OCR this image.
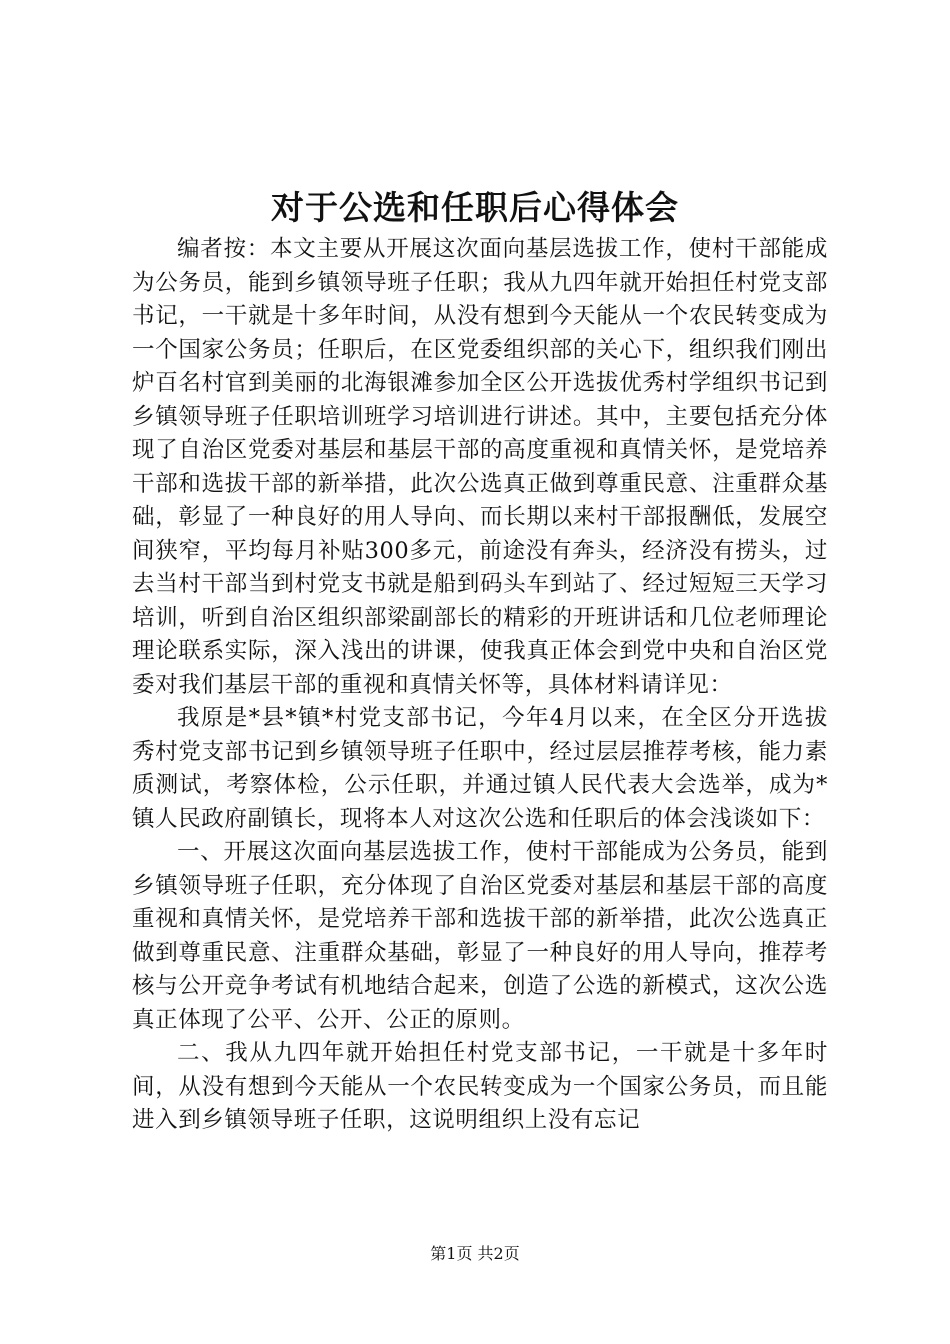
对于公选和任职后心得体会

编者按：本文主要从开展这次面向基层选拔工作，使村干部能成为公务员，能到乡镇领导班子任职；我从九四年就开始担任村党支部书记，一干就是十多年时间，从没有想到今天能从一个农民转变成为一个国家公务员；任职后，在区党委组织部的关心下，组织我们刚出炉百名村官到美丽的北海银滩参加全区公开选拔优秀村学组织书记到乡镇领导班子任职培训班学习培训进行讲述。其中，主要包括充分体现了自治区党委对基层和基层干部的高度重视和真情关怀，是党培养干部和选拔干部的新举措，此次公选真正做到尊重民意、注重群众基础，彰显了一种良好的用人导向、而长期以来村干部报酬低，发展空间狭窄，平均每月补贴300多元，前途没有奔头，经济没有捞头，过去当村干部当到村党支书就是船到码头车到站了、经过短短三天学习培训，听到自治区组织部梁副部长的精彩的开班讲话和几位老师理论理论联系实际，深入浅出的讲课，使我真正体会到党中央和自治区党委对我们基层干部的重视和真情关怀等，具体材料请详见：

我原是*县*镇*村党支部书记，今年4月以来，在全区分开选拔秀村党支部书记到乡镇领导班子任职中，经过层层推荐考核，能力素质测试，考察体检，公示任职，并通过镇人民代表大会选举，成为*镇人民政府副镇长，现将本人对这次公选和任职后的体会浅谈如下：

一、开展这次面向基层选拔工作，使村干部能成为公务员，能到乡镇领导班子任职，充分体现了自治区党委对基层和基层干部的高度重视和真情关怀，是党培养干部和选拔干部的新举措，此次公选真正做到尊重民意、注重群众基础，彰显了一种良好的用人导向，推荐考核与公开竞争考试有机地结合起来，创造了公选的新模式，这次公选真正体现了公平、公开、公正的原则。

二、我从九四年就开始担任村党支部书记，一干就是十多年时间，从没有想到今天能从一个农民转变成为一个国家公务员，而且能进入到乡镇领导班子任职，这说明组织上没有忘记

第1页 共2页
